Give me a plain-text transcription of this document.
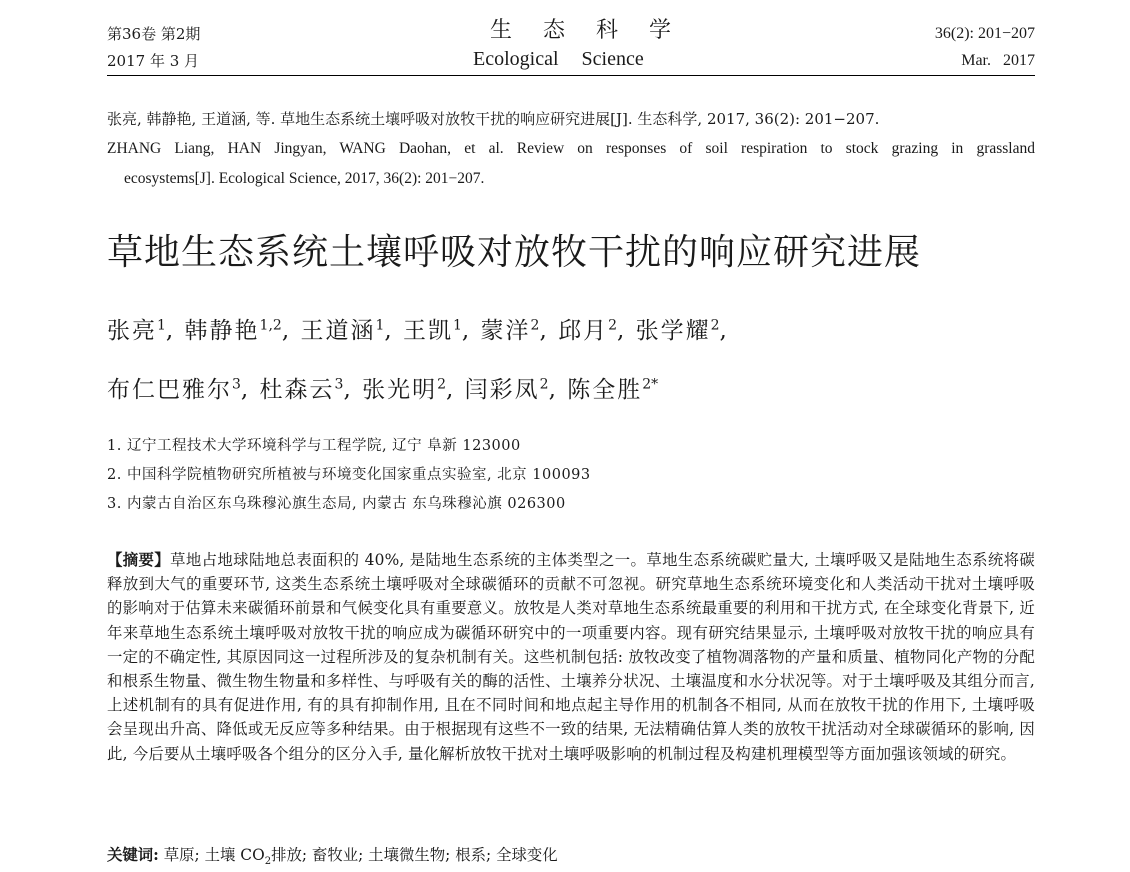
第36卷 第2期
2017 年 3 月
生 态 科 学
Ecological Science
36(2): 201−207
Mar.   2017
张亮, 韩静艳, 王道涵, 等. 草地生态系统土壤呼吸对放牧干扰的响应研究进展[J]. 生态科学, 2017, 36(2): 201−207.
ZHANG Liang, HAN Jingyan, WANG Daohan, et al. Review on responses of soil respiration to stock grazing in grassland
ecosystems[J]. Ecological Science, 2017, 36(2): 201−207.
草地生态系统土壤呼吸对放牧干扰的响应研究进展
张亮$^1$, 韩静艳$^{1,2}$, 王道涵$^1$, 王凯$^1$, 蒙洋$^2$, 邱月$^2$, 张学耀$^2$,
布仁巴雅尔$^3$, 杜森云$^3$, 张光明$^2$, 闫彩凤$^2$, 陈全胜$^{2*}$
1. 辽宁工程技术大学环境科学与工程学院, 辽宁 阜新 123000
2. 中国科学院植物研究所植被与环境变化国家重点实验室, 北京 100093
3. 内蒙古自治区东乌珠穆沁旗生态局, 内蒙古 东乌珠穆沁旗 026300
【摘要】草地占地球陆地总表面积的 40%, 是陆地生态系统的主体类型之一。草地生态系统碳贮量大, 土壤呼吸又是陆地生态系统将碳释放到大气的重要环节, 这类生态系统土壤呼吸对全球碳循环的贡献不可忽视。研究草地生态系统环境变化和人类活动干扰对土壤呼吸的影响对于估算未来碳循环前景和气候变化具有重要意义。放牧是人类对草地生态系统最重要的利用和干扰方式, 在全球变化背景下, 近年来草地生态系统土壤呼吸对放牧干扰的响应成为碳循环研究中的一项重要内容。现有研究结果显示, 土壤呼吸对放牧干扰的响应具有一定的不确定性, 其原因同这一过程所涉及的复杂机制有关。这些机制包括: 放牧改变了植物凋落物的产量和质量、植物同化产物的分配和根系生物量、微生物生物量和多样性、与呼吸有关的酶的活性、土壤养分状况、土壤温度和水分状况等。对于土壤呼吸及其组分而言, 上述机制有的具有促进作用, 有的具有抑制作用, 且在不同时间和地点起主导作用的机制各不相同, 从而在放牧干扰的作用下, 土壤呼吸会呈现出升高、降低或无反应等多种结果。由于根据现有这些不一致的结果, 无法精确估算人类的放牧干扰活动对全球碳循环的影响, 因此, 今后要从土壤呼吸各个组分的区分入手, 量化解析放牧干扰对土壤呼吸影响的机制过程及构建机理模型等方面加强该领域的研究。
关键词: 草原; 土壤 $CO_2$排放; 畜牧业; 土壤微生物; 根系; 全球变化
